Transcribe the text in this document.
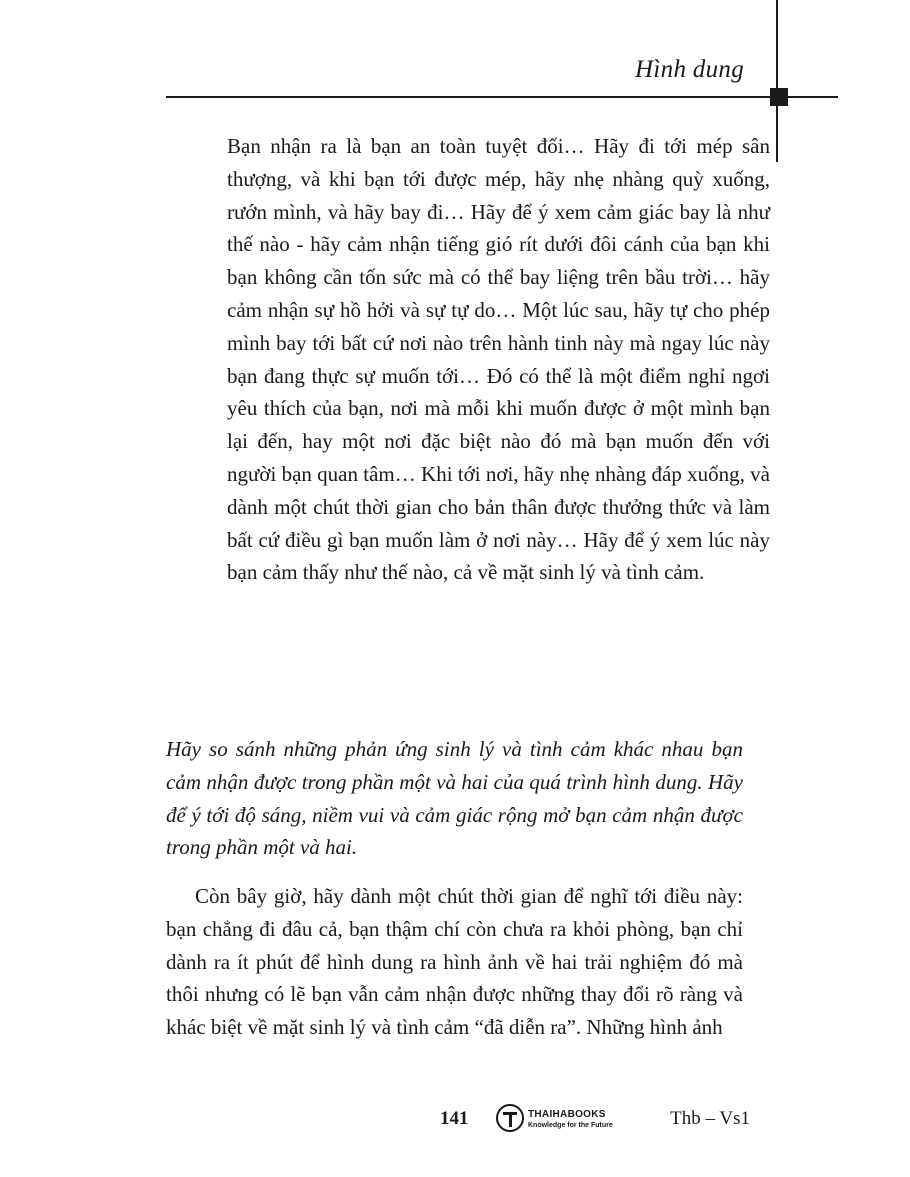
Hình dung

Bạn nhận ra là bạn an toàn tuyệt đối… Hãy đi tới mép sân thượng, và khi bạn tới được mép, hãy nhẹ nhàng quỳ xuống, rướn mình, và hãy bay đi… Hãy để ý xem cảm giác bay là như thế nào - hãy cảm nhận tiếng gió rít dưới đôi cánh của bạn khi bạn không cần tốn sức mà có thể bay liệng trên bầu trời… hãy cảm nhận sự hồ hởi và sự tự do… Một lúc sau, hãy tự cho phép mình bay tới bất cứ nơi nào trên hành tinh này mà ngay lúc này bạn đang thực sự muốn tới… Đó có thể là một điểm nghỉ ngơi yêu thích của bạn, nơi mà mỗi khi muốn được ở một mình bạn lại đến, hay một nơi đặc biệt nào đó mà bạn muốn đến với người bạn quan tâm… Khi tới nơi, hãy nhẹ nhàng đáp xuống, và dành một chút thời gian cho bản thân được thưởng thức và làm bất cứ điều gì bạn muốn làm ở nơi này… Hãy để ý xem lúc này bạn cảm thấy như thế nào, cả về mặt sinh lý và tình cảm.

Hãy so sánh những phản ứng sinh lý và tình cảm khác nhau bạn cảm nhận được trong phần một và hai của quá trình hình dung. Hãy để ý tới độ sáng, niềm vui và cảm giác rộng mở bạn cảm nhận được trong phần một và hai.

Còn bây giờ, hãy dành một chút thời gian để nghĩ tới điều này: bạn chẳng đi đâu cả, bạn thậm chí còn chưa ra khỏi phòng, bạn chỉ dành ra ít phút để hình dung ra hình ảnh về hai trải nghiệm đó mà thôi nhưng có lẽ bạn vẫn cảm nhận được những thay đổi rõ ràng và khác biệt về mặt sinh lý và tình cảm “đã diễn ra”. Những hình ảnh

141	THAIHABOOKS
Knowledge for the Future	Thb – Vs1
